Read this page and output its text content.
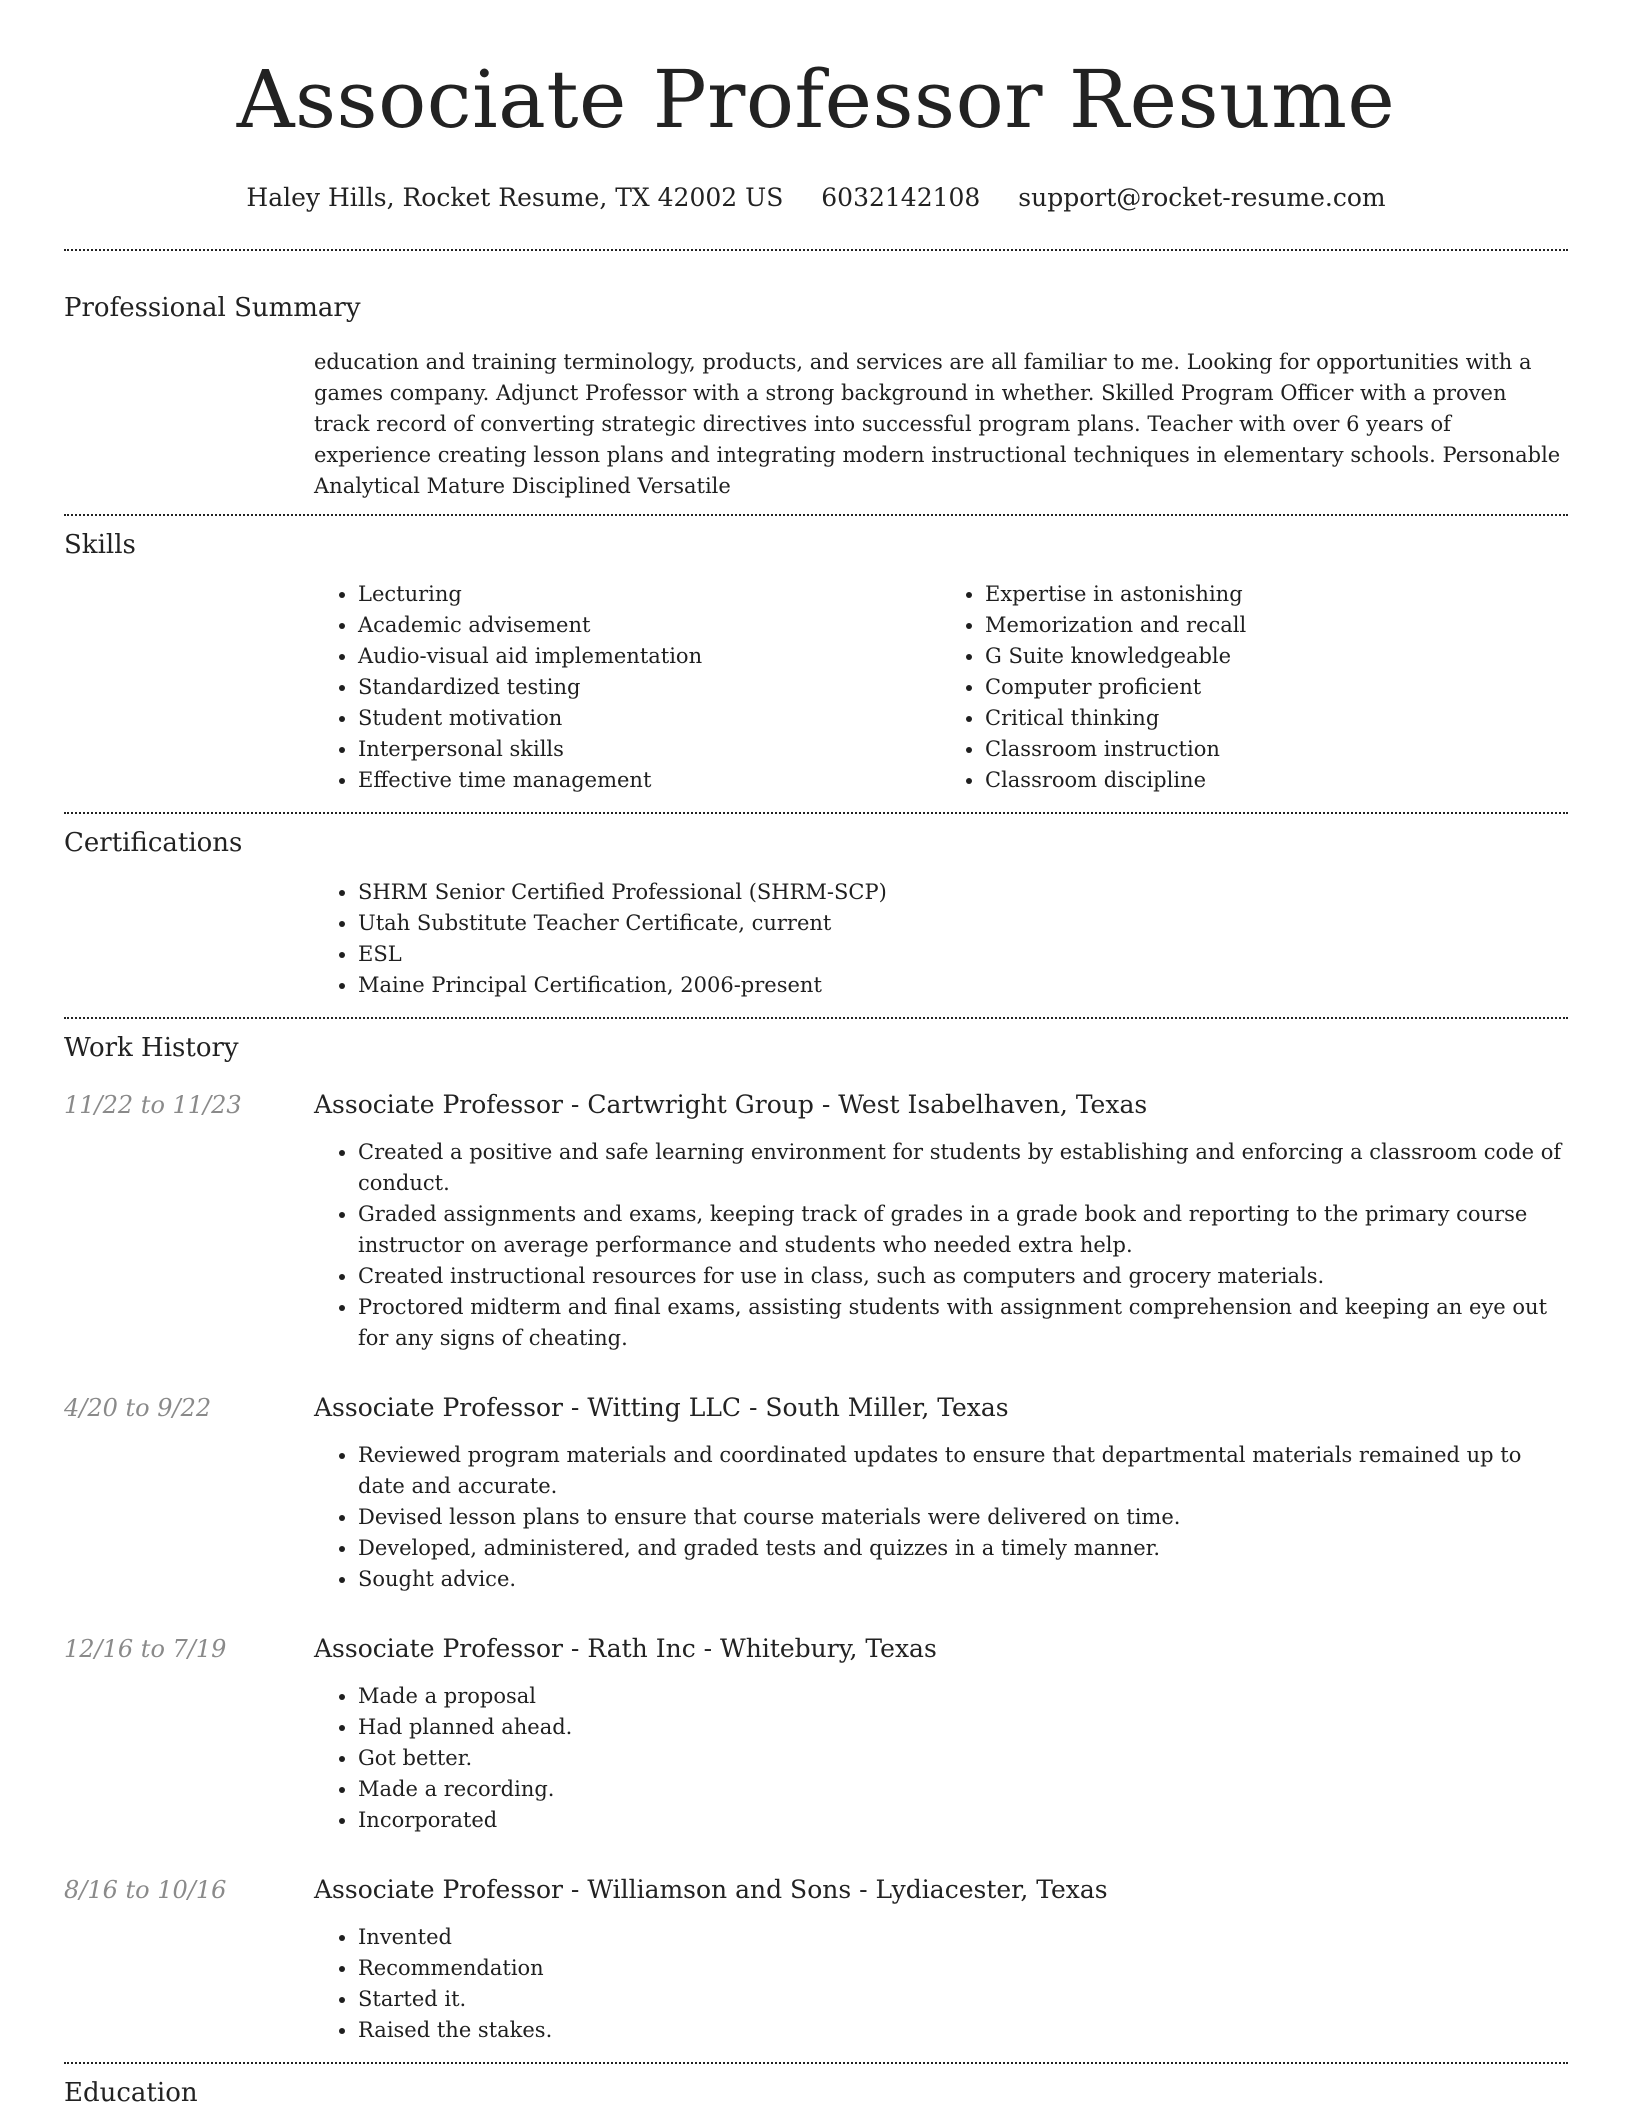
Associate Professor Resume
Haley Hills, Rocket Resume, TX 42002 US 6032142108 support@rocket-resume.com
Professional Summary
education and training terminology, products, and services are all familiar to me. Looking for opportunities with a games company. Adjunct Professor with a strong background in whether. Skilled Program Officer with a proven track record of converting strategic directives into successful program plans. Teacher with over 6 years of experience creating lesson plans and integrating modern instructional techniques in elementary schools. Personable Analytical Mature Disciplined Versatile
Skills
• Lecturing
• Academic advisement
• Audio-visual aid implementation
• Standardized testing
• Student motivation
• Interpersonal skills
• Effective time management
• Expertise in astonishing
• Memorization and recall
• G Suite knowledgeable
• Computer proficient
• Critical thinking
• Classroom instruction
• Classroom discipline
Certifications
• SHRM Senior Certified Professional (SHRM-SCP)
• Utah Substitute Teacher Certificate, current
• ESL
• Maine Principal Certification, 2006-present
Work History
11/22 to 11/23	Associate Professor - Cartwright Group - West Isabelhaven, Texas
• Created a positive and safe learning environment for students by establishing and enforcing a classroom code of conduct.
• Graded assignments and exams, keeping track of grades in a grade book and reporting to the primary course instructor on average performance and students who needed extra help.
• Created instructional resources for use in class, such as computers and grocery materials.
• Proctored midterm and final exams, assisting students with assignment comprehension and keeping an eye out for any signs of cheating.
4/20 to 9/22	Associate Professor - Witting LLC - South Miller, Texas
• Reviewed program materials and coordinated updates to ensure that departmental materials remained up to date and accurate.
• Devised lesson plans to ensure that course materials were delivered on time.
• Developed, administered, and graded tests and quizzes in a timely manner.
• Sought advice.
12/16 to 7/19	Associate Professor - Rath Inc - Whitebury, Texas
• Made a proposal
• Had planned ahead.
• Got better.
• Made a recording.
• Incorporated
8/16 to 10/16	Associate Professor - Williamson and Sons - Lydiacester, Texas
• Invented
• Recommendation
• Started it.
• Raised the stakes.
Education
